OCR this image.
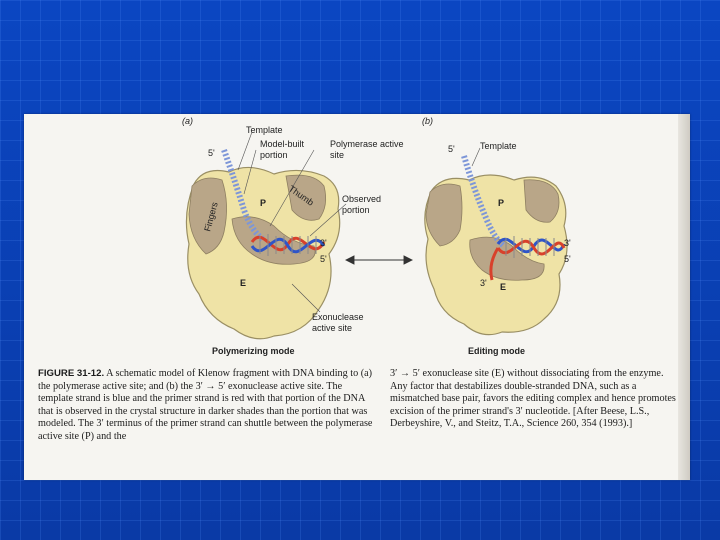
(a)	(b)
Template
Model-built
portion
Polymerase active
site
Observed
portion
Fingers
Thumb
P
E
5'
3'
5'
Exonuclease
active site
Polymerizing mode
Template
5'
P
E
3'
5'
3'
Editing mode

FIGURE 31-12. A schematic model of Klenow fragment with DNA binding to (a) the polymerase active site; and (b) the 3′ → 5′ exonuclease active site. The template strand is blue and the primer strand is red with that portion of the DNA that is observed in the crystal structure in darker shades than the portion that was modeled. The 3′ terminus of the primer strand can shuttle between the polymerase active site (P) and the

3′ → 5′ exonuclease site (E) without dissociating from the enzyme. Any factor that destabilizes double-stranded DNA, such as a mismatched base pair, favors the editing complex and hence promotes excision of the primer strand's 3′ nucleotide. [After Beese, L.S., Derbeyshire, V., and Steitz, T.A., Science 260, 354 (1993).]
